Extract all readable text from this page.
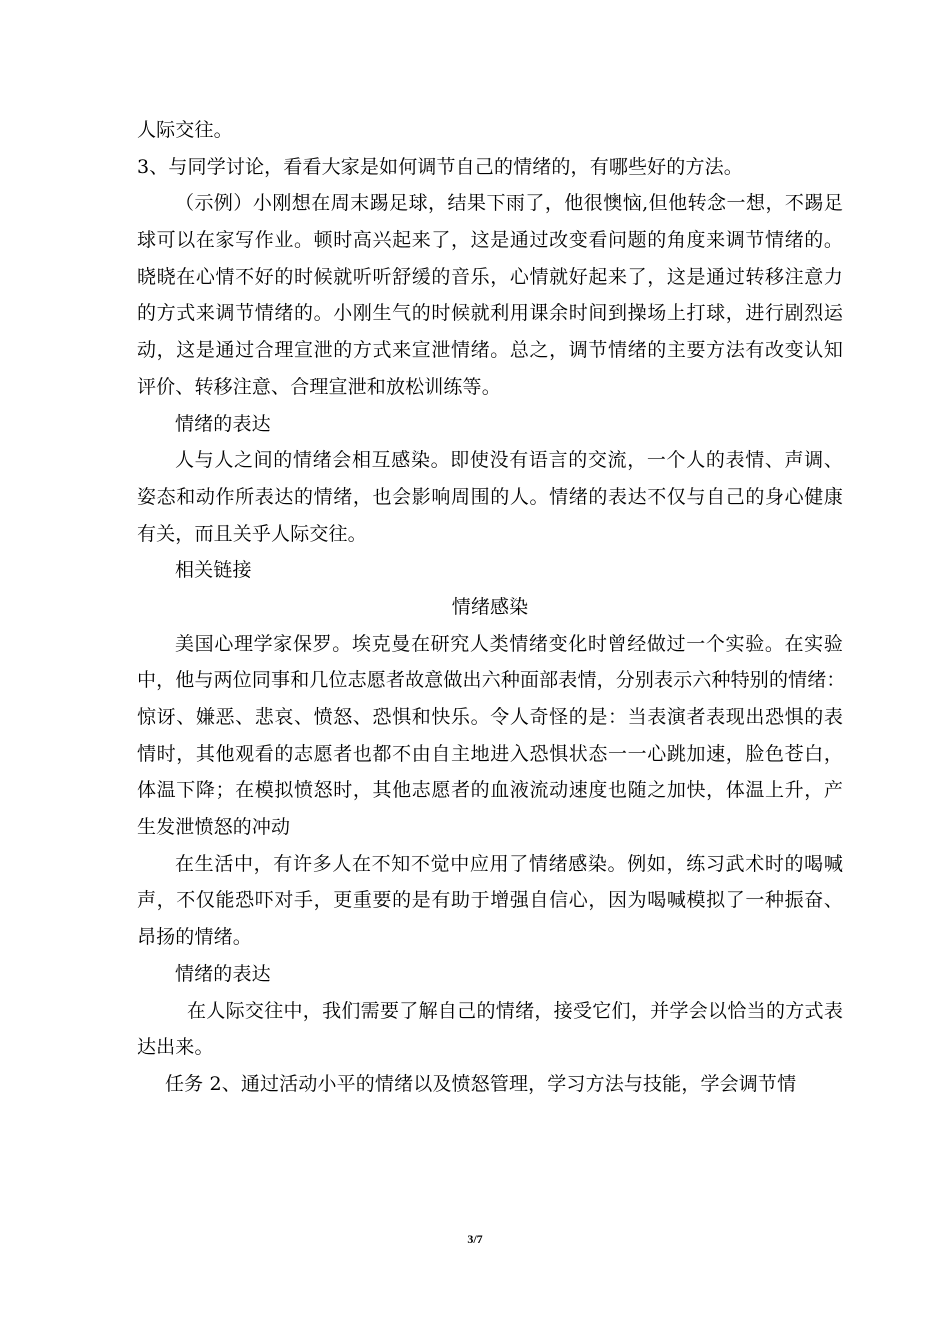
人际交往。
3、与同学讨论，看看大家是如何调节自己的情绪的，有哪些好的方法。
（示例）小刚想在周末踢足球，结果下雨了，他很懊恼,但他转念一想，不踢足
球可以在家写作业。顿时高兴起来了，这是通过改变看问题的角度来调节情绪的。
晓晓在心情不好的时候就听听舒缓的音乐，心情就好起来了，这是通过转移注意力
的方式来调节情绪的。小刚生气的时候就利用课余时间到操场上打球，进行剧烈运
动，这是通过合理宣泄的方式来宣泄情绪。总之，调节情绪的主要方法有改变认知
评价、转移注意、合理宣泄和放松训练等。
情绪的表达
人与人之间的情绪会相互感染。即使没有语言的交流，一个人的表情、声调、
姿态和动作所表达的情绪，也会影响周围的人。情绪的表达不仅与自己的身心健康
有关，而且关乎人际交往。
相关链接
情绪感染
美国心理学家保罗。埃克曼在研究人类情绪变化时曾经做过一个实验。在实验
中，他与两位同事和几位志愿者故意做出六种面部表情，分别表示六种特别的情绪：
惊讶、嫌恶、悲哀、愤怒、恐惧和快乐。令人奇怪的是：当表演者表现出恐惧的表
情时，其他观看的志愿者也都不由自主地进入恐惧状态一一心跳加速，脸色苍白，
体温下降；在模拟愤怒时，其他志愿者的血液流动速度也随之加快，体温上升，产
生发泄愤怒的冲动
在生活中，有许多人在不知不觉中应用了情绪感染。例如，练习武术时的喝喊
声，不仅能恐吓对手，更重要的是有助于增强自信心，因为喝喊模拟了一种振奋、
昂扬的情绪。
情绪的表达
在人际交往中，我们需要了解自己的情绪，接受它们，并学会以恰当的方式表
达出来。
任务 2、通过活动小平的情绪以及愤怒管理，学习方法与技能，学会调节情
3/7
